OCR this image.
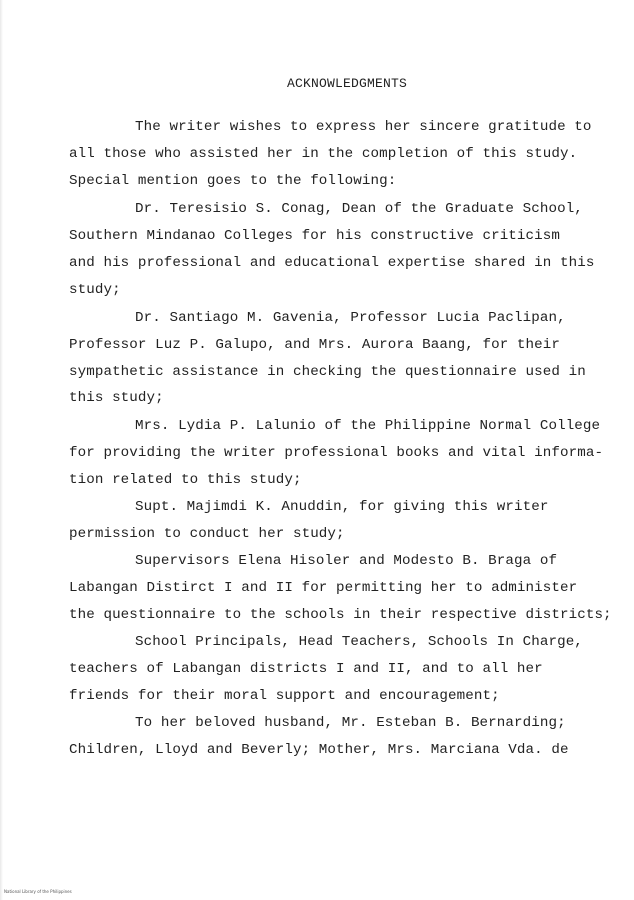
ACKNOWLEDGMENTS
The writer wishes to express her sincere gratitude to
all those who assisted her in the completion of this study.
Special mention goes to the following:
Dr. Teresisio S. Conag, Dean of the Graduate School,
Southern Mindanao Colleges for his constructive criticism
and his professional and educational expertise shared in this
study;
Dr. Santiago M. Gavenia, Professor Lucia Paclipan,
Professor Luz P. Galupo, and Mrs. Aurora Baang, for their
sympathetic assistance in checking the questionnaire used in
this study;
Mrs. Lydia P. Lalunio of the Philippine Normal College
for providing the writer professional books and vital informa-
tion related to this study;
Supt. Majimdi K. Anuddin, for giving this writer
permission to conduct her study;
Supervisors Elena Hisoler and Modesto B. Braga of
Labangan Distirct I and II for permitting her to administer
the questionnaire to the schools in their respective districts;
School Principals, Head Teachers, Schools In Charge,
teachers of Labangan districts I and II, and to all her
friends for their moral support and encouragement;
To her beloved husband, Mr. Esteban B. Bernarding;
Children, Lloyd and Beverly; Mother, Mrs. Marciana Vda. de
National Library of the Philippines
